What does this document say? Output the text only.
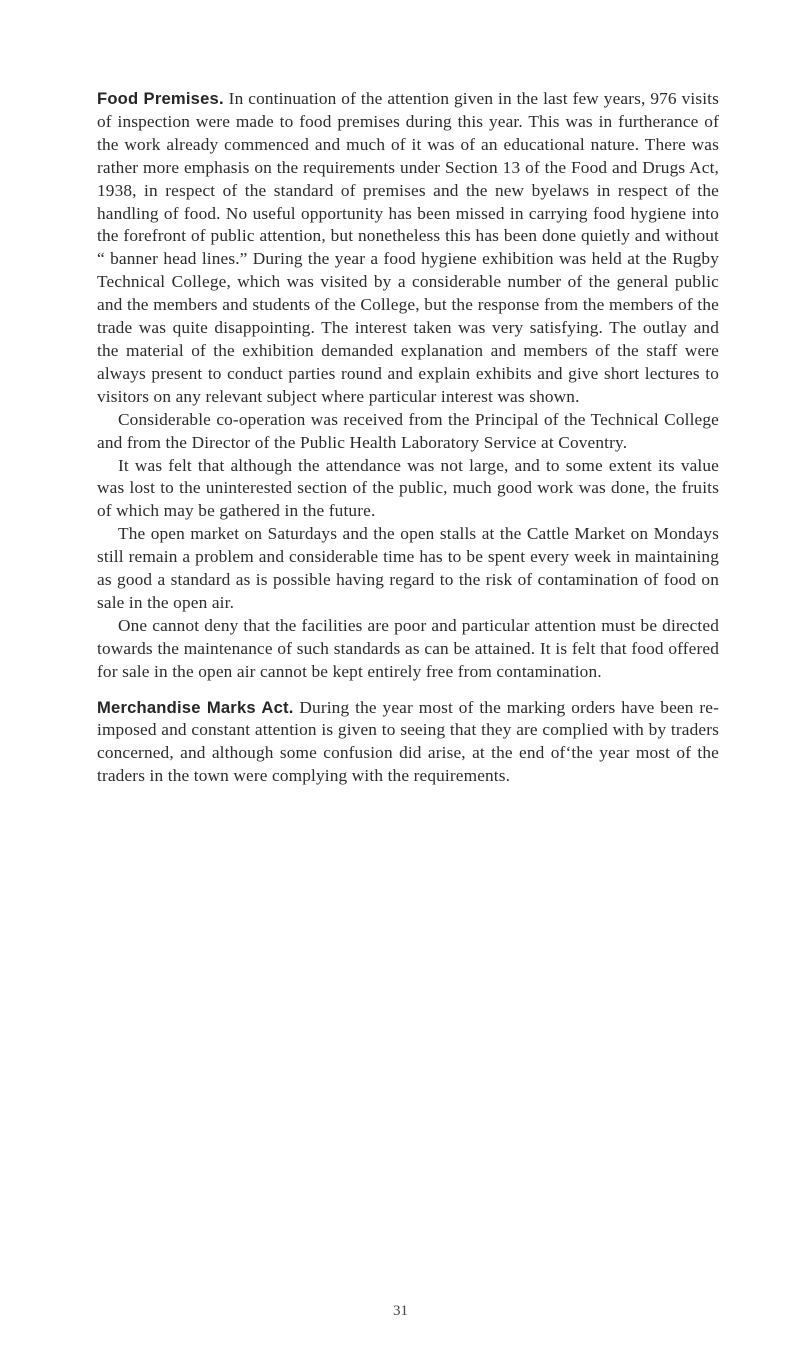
Food Premises. In continuation of the attention given in the last few years, 976 visits of inspection were made to food premises during this year. This was in furtherance of the work already commenced and much of it was of an educational nature. There was rather more emphasis on the requirements under Section 13 of the Food and Drugs Act, 1938, in respect of the standard of premises and the new byelaws in respect of the handling of food. No useful opportunity has been missed in carrying food hygiene into the forefront of public attention, but nonetheless this has been done quietly and without “ banner head lines.” During the year a food hygiene exhibition was held at the Rugby Technical College, which was visited by a considerable number of the general public and the members and students of the College, but the response from the members of the trade was quite disappointing. The interest taken was very satisfying. The outlay and the material of the exhibition demanded explanation and members of the staff were always present to conduct parties round and explain exhibits and give short lectures to visitors on any relevant subject where particular interest was shown.

Considerable co-operation was received from the Principal of the Technical College and from the Director of the Public Health Laboratory Service at Coventry.

It was felt that although the attendance was not large, and to some extent its value was lost to the uninterested section of the public, much good work was done, the fruits of which may be gathered in the future.

The open market on Saturdays and the open stalls at the Cattle Market on Mondays still remain a problem and considerable time has to be spent every week in maintaining as good a standard as is possible having regard to the risk of contamination of food on sale in the open air.

One cannot deny that the facilities are poor and particular attention must be directed towards the maintenance of such standards as can be attained. It is felt that food offered for sale in the open air cannot be kept entirely free from contamination.

Merchandise Marks Act. During the year most of the marking orders have been re-imposed and constant attention is given to seeing that they are complied with by traders concerned, and although some confusion did arise, at the end of‘the year most of the traders in the town were complying with the requirements.

31
